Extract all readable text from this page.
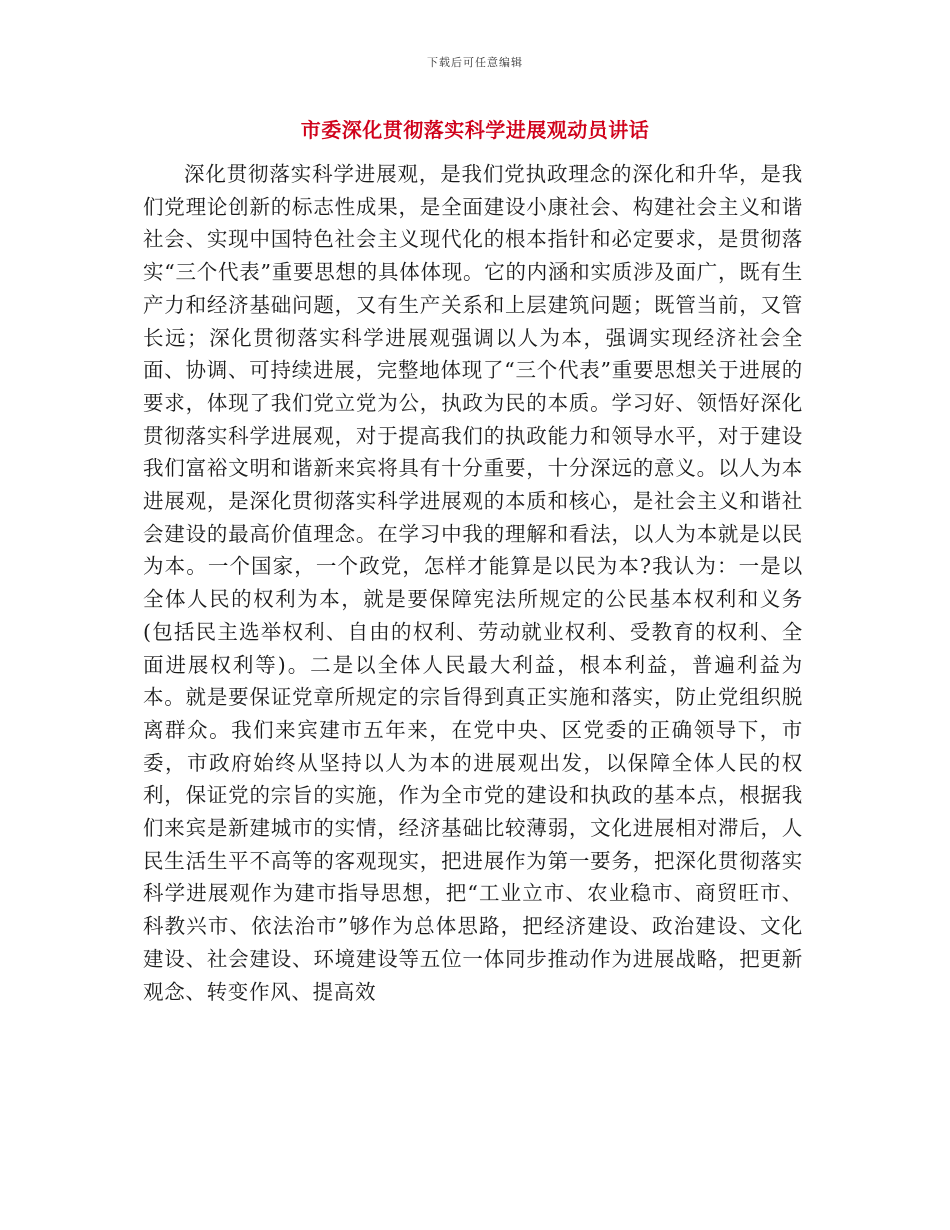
下载后可任意编辑
市委深化贯彻落实科学进展观动员讲话

深化贯彻落实科学进展观，是我们党执政理念的深化和升华，是我们党理论创新的标志性成果，是全面建设小康社会、构建社会主义和谐社会、实现中国特色社会主义现代化的根本指针和必定要求，是贯彻落实“三个代表”重要思想的具体体现。它的内涵和实质涉及面广，既有生产力和经济基础问题，又有生产关系和上层建筑问题；既管当前，又管长远；深化贯彻落实科学进展观强调以人为本，强调实现经济社会全面、协调、可持续进展，完整地体现了“三个代表”重要思想关于进展的要求，体现了我们党立党为公，执政为民的本质。学习好、领悟好深化贯彻落实科学进展观，对于提高我们的执政能力和领导水平，对于建设我们富裕文明和谐新来宾将具有十分重要，十分深远的意义。以人为本进展观，是深化贯彻落实科学进展观的本质和核心，是社会主义和谐社会建设的最高价值理念。在学习中我的理解和看法，以人为本就是以民为本。一个国家，一个政党，怎样才能算是以民为本?我认为：一是以全体人民的权利为本，就是要保障宪法所规定的公民基本权利和义务(包括民主选举权利、自由的权利、劳动就业权利、受教育的权利、全面进展权利等)。二是以全体人民最大利益，根本利益，普遍利益为本。就是要保证党章所规定的宗旨得到真正实施和落实，防止党组织脱离群众。我们来宾建市五年来，在党中央、区党委的正确领导下，市委，市政府始终从坚持以人为本的进展观出发，以保障全体人民的权利，保证党的宗旨的实施，作为全市党的建设和执政的基本点，根据我们来宾是新建城市的实情，经济基础比较薄弱，文化进展相对滞后，人民生活生平不高等的客观现实，把进展作为第一要务，把深化贯彻落实科学进展观作为建市指导思想，把“工业立市、农业稳市、商贸旺市、科教兴市、依法治市”够作为总体思路，把经济建设、政治建设、文化建设、社会建设、环境建设等五位一体同步推动作为进展战略，把更新观念、转变作风、提高效
